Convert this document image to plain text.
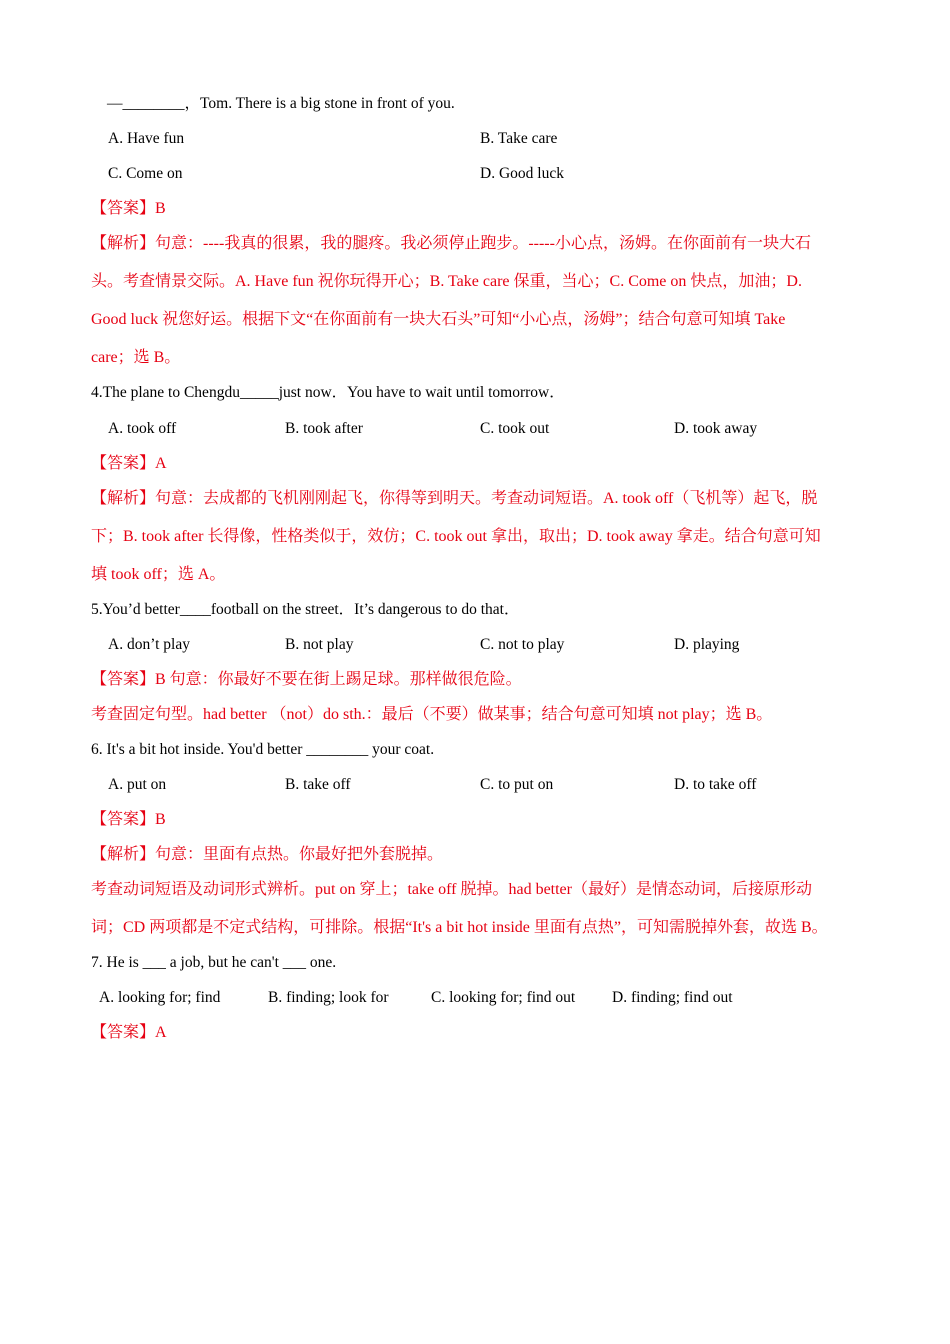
—________，Tom. There is a big stone in front of you.
A. Have fun	B. Take care
C. Come on	D. Good luck
【答案】B
【解析】句意：----我真的很累，我的腿疼。我必须停止跑步。-----小心点，汤姆。在你面前有一块大石
头。考查情景交际。A. Have fun 祝你玩得开心；B. Take care 保重，当心；C. Come on 快点，加油；D.
Good luck 祝您好运。根据下文“在你面前有一块大石头”可知“小心点，汤姆”；结合句意可知填 Take
care；选 B。
4.The plane to Chengdu_____just now．You have to wait until tomorrow．
A. took off	B. took after	C. took out	D. took away
【答案】A
【解析】句意：去成都的飞机刚刚起飞，你得等到明天。考查动词短语。A. took off（飞机等）起飞，脱
下；B. took after 长得像，性格类似于，效仿；C. took out 拿出，取出；D. took away 拿走。结合句意可知
填 took off；选 A。
5.You’d better____football on the street．It’s dangerous to do that．
A. don’t play	B. not play	C. not to play	D. playing
【答案】B 句意：你最好不要在街上踢足球。那样做很危险。
考查固定句型。had better （not）do sth.：最后（不要）做某事；结合句意可知填 not play；选 B。
6. It's a bit hot inside. You'd better ________ your coat.
A. put on	B. take off	C. to put on	D. to take off
【答案】B
【解析】句意：里面有点热。你最好把外套脱掉。
考查动词短语及动词形式辨析。put on 穿上；take off 脱掉。had better（最好）是情态动词，后接原形动
词；CD 两项都是不定式结构，可排除。根据“It's a bit hot inside 里面有点热”，可知需脱掉外套，故选 B。
7. He is ___ a job, but he can't ___ one.
A. looking for; find	B. finding; look for	C. looking for; find out D. finding; find out
【答案】A
